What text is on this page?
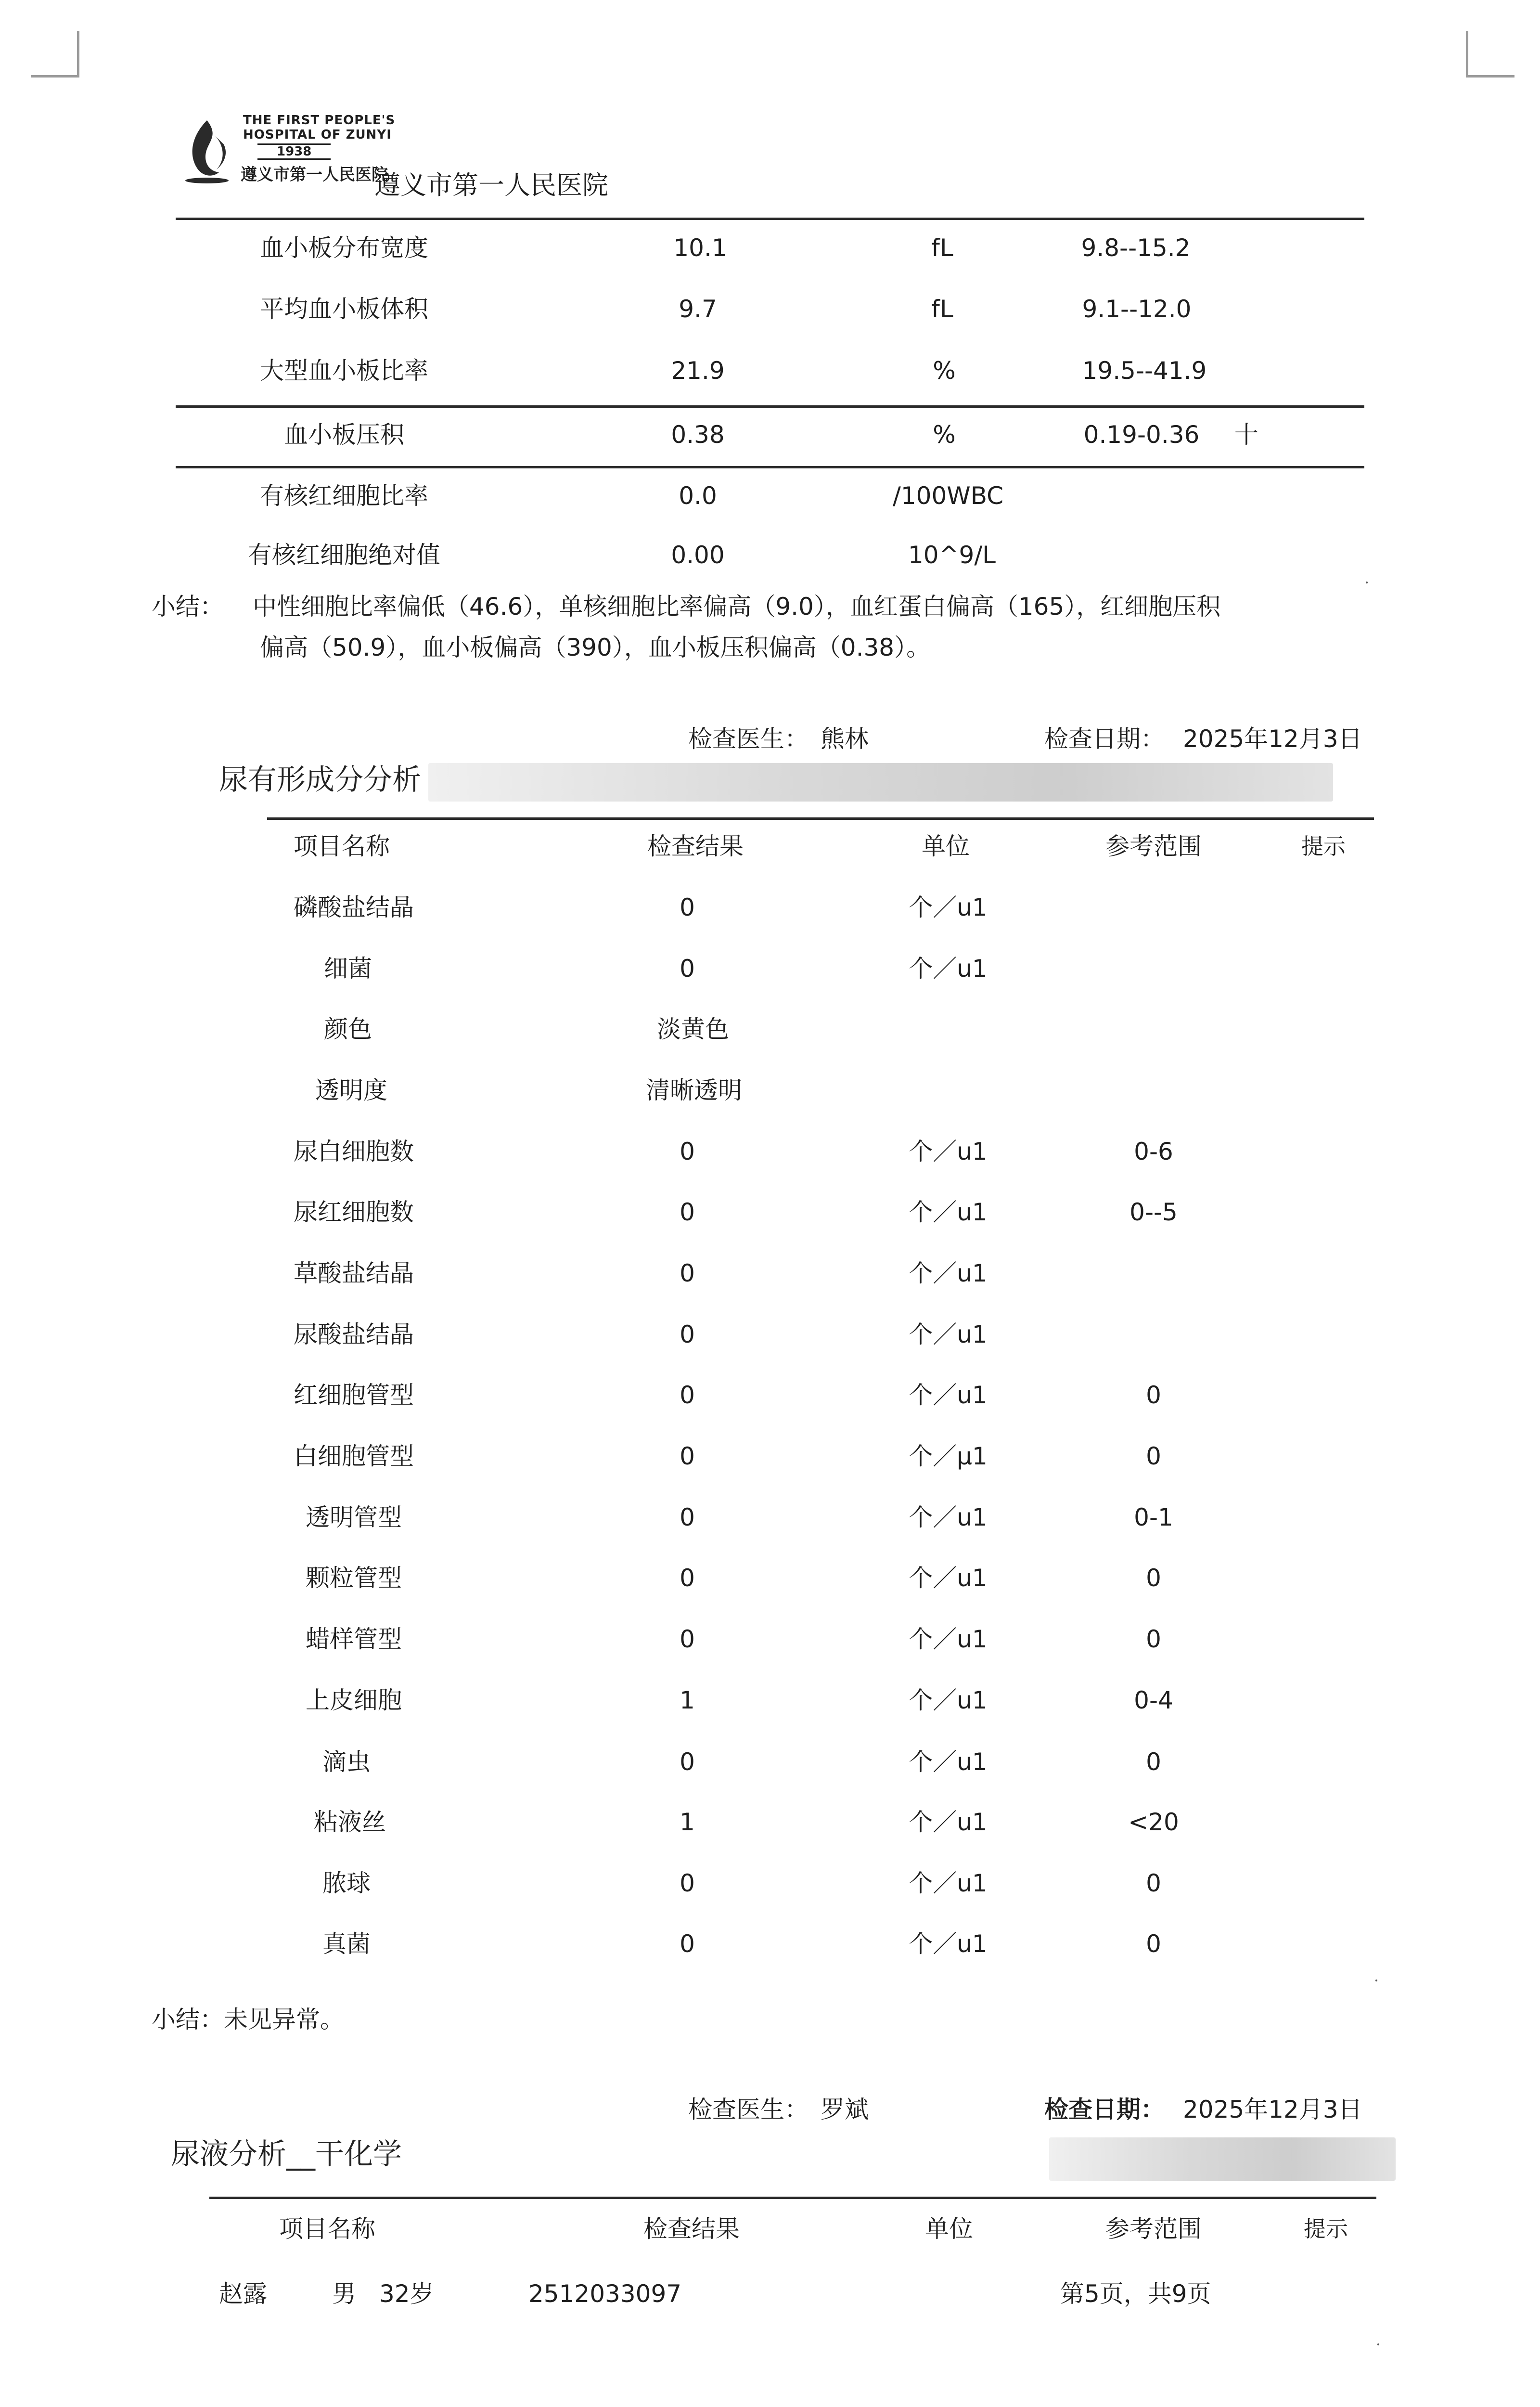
THE FIRST PEOPLE'S
HOSPITAL OF ZUNYI
1938
遵义市第一人民医院
遵义市第一人民医院
血小板分布宽度	10.1	fL	9.8--15.2
平均血小板体积	9.7	fL	9.1--12.0
大型血小板比率	21.9	%	19.5--41.9
血小板压积	0.38	%	0.19-0.36 十
有核红细胞比率	0.0	/100WBC
有核红细胞绝对值	0.00	10^9/L
小结： 中性细胞比率偏低（46.6），单核细胞比率偏高（9.0），血红蛋白偏高（165），红细胞压积
偏高（50.9），血小板偏高（390），血小板压积偏高（0.38）。
检查医生： 熊林	检查日期： 2025年12月3日
尿有形成分分析
项目名称	检查结果	单位	参考范围	提示
磷酸盐结晶	0	个／u1
细菌	0	个／u1
颜色	淡黄色
透明度	清晰透明
尿白细胞数	0	个／u1	0-6
尿红细胞数	0	个／u1	0--5
草酸盐结晶	0	个／u1
尿酸盐结晶	0	个／u1
红细胞管型	0	个／u1	0
白细胞管型	0	个／μ1	0
透明管型	0	个／u1	0-1
颗粒管型	0	个／u1	0
蜡样管型	0	个／u1	0
上皮细胞	1	个／u1	0-4
滴虫	0	个／u1	0
粘液丝	1	个／u1	<20
脓球	0	个／u1	0
真菌	0	个／u1	0
小结：未见异常。
检查医生： 罗斌	检查日期： 2025年12月3日
尿液分析__干化学
项目名称	检查结果	单位	参考范围	提示
赵露	男 32岁	2512033097	第5页，共9页
